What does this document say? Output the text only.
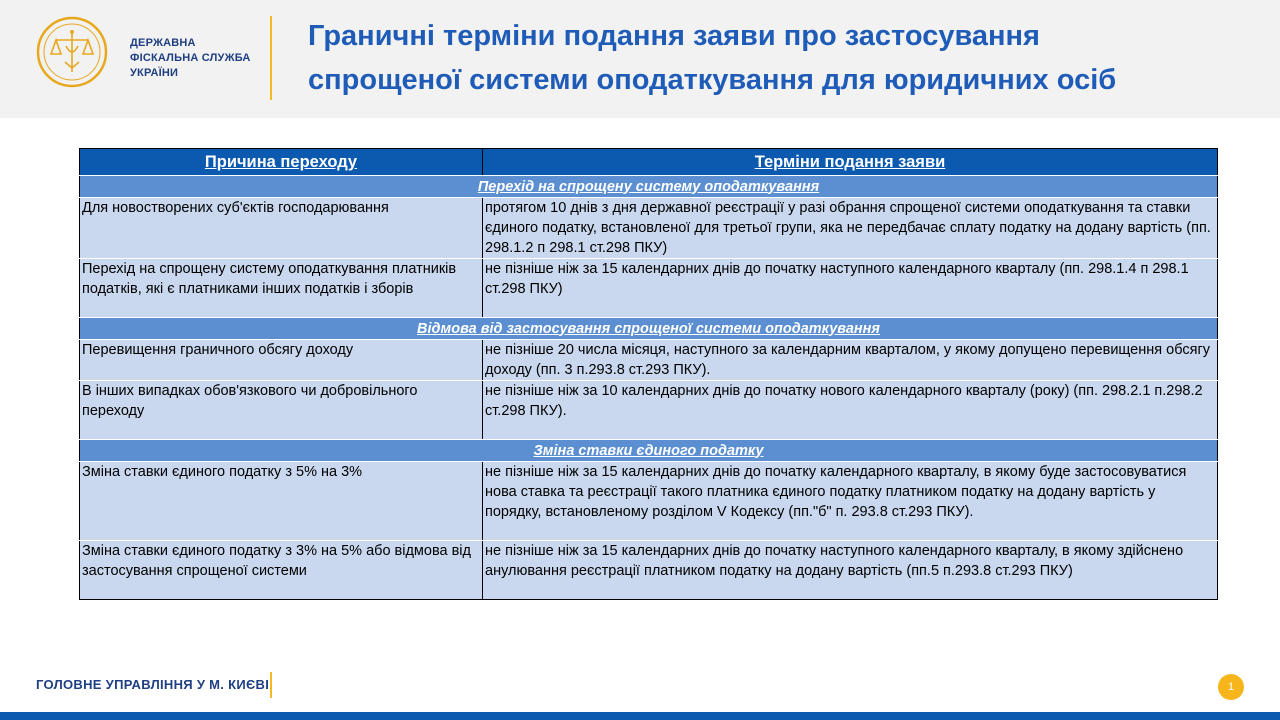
ДЕРЖАВНА
ФІСКАЛЬНА СЛУЖБА
УКРАЇНИ
Граничні терміни подання заяви про застосування
спрощеної системи оподаткування для юридичних осіб
Причина переходу	Терміни подання заяви
Перехід на спрощену систему оподаткування	
Для новостворених суб'єктів господарювання	протягом 10 днів з дня державної реєстрації у разі обрання спрощеної системи оподаткування та ставки єдиного податку, встановленої для третьої групи, яка не передбачає сплату податку на додану вартість (пп. 298.1.2 п 298.1 ст.298 ПКУ)
Перехід на спрощену систему оподаткування платників податків, які є платниками інших податків і зборів	не пізніше ніж за 15 календарних днів до початку наступного календарного кварталу (пп. 298.1.4 п 298.1 ст.298 ПКУ)
Відмова від застосування спрощеної системи оподаткування	
Перевищення граничного обсягу доходу	не пізніше 20 числа місяця, наступного за календарним кварталом, у якому допущено перевищення обсягу доходу (пп. 3 п.293.8 ст.293 ПКУ).
В інших випадках обов'язкового чи добровільного переходу	не пізніше ніж за 10 календарних днів до початку нового календарного кварталу (року) (пп. 298.2.1 п.298.2 ст.298 ПКУ).
Зміна ставки єдиного податку	
Зміна ставки єдиного податку з 5% на 3%	не пізніше ніж за 15 календарних днів до початку календарного кварталу, в якому буде застосовуватися нова ставка та реєстрації такого платника єдиного податку платником податку на додану вартість у порядку, встановленому розділом V Кодексу (пп."б" п. 293.8 ст.293 ПКУ).
Зміна ставки єдиного податку з 3% на 5% або відмова від застосування спрощеної системи	не пізніше ніж за 15 календарних днів до початку наступного календарного кварталу, в якому здійснено анулювання реєстрації платником податку на додану вартість (пп.5 п.293.8 ст.293 ПКУ)
ГОЛОВНЕ УПРАВЛІННЯ У М. КИЄВІ	1
